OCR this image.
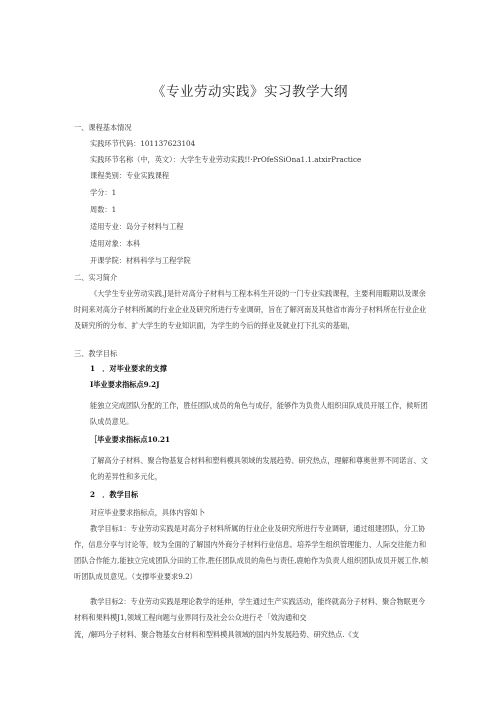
《专业劳动实践》实习教学大纲
一、课程基本情况
实践环节代码：101137623104
实践环节名称（中，英文）：大学生专业劳动实践!!·PrOfeSSiOna1.1.atxirPractice
课程类别：专业实践课程
学分：1
周数：1
适用专业：岛分子材料与工程
适用对象：本科
开课学院：材料科学与工程学院
二、实习简介
《大学生专业劳动实践.J是针对高分子材料与工程本科生开设的一门专业实践课程，主要利用暇期以及课余时间来对高分子材料所属的行业企业及研究所进行专业调研，旨在了解河南及其他省市海分子材料所在行业企业及研究所的分布、扩大学生的专业知识面，为学生的今后的择业及就业打下扎实的基础，
三、教学目标
1　．对毕业要求的支撑
I毕业要求指标点9.2J
能独立完成团队分配的工作，胜任团队成员的角色与成仔，能够作为负贵人组织田队成员开展工作，候听团队成员意见。
［毕业要求指标点10.21
了解高分子材料、聚合物基复合材料和塑料模具领域的发展趋势、研究热点，理解和尊奥世界不同诺言、文化的差异性和多元化，
2　．教学目标
对应毕业要求指标点，具体内容如卜
教学目标1：专业劳动实践是对高分子材料所属的行业企业及研究所进行专业调研，通过组建团队，分工协作，信息分享与讨论等，较为全面的了解国内外商分子材料行业信息。培养学生组织管理能力、人际交往能力和团队合作能力,能独立完成团队分田的工作,胜任团队成员的角色与责任,鹿帕作为负责人组织团队成员开展工作,帧听团队成员意见。（支撑毕业要求9.2）
教学目标2：专业劳动实践是理论教学的延伸，学生通过生产实践活动，能终就高分子材料、聚合物眠更今材料和果料模J1,领域工程向题与业界同行及社会公众进行そ「效沟通和交
流，/解玛分子材料、聚合物基女台材料和型料模具领域的国内外发展趋势、研究热点.《支
